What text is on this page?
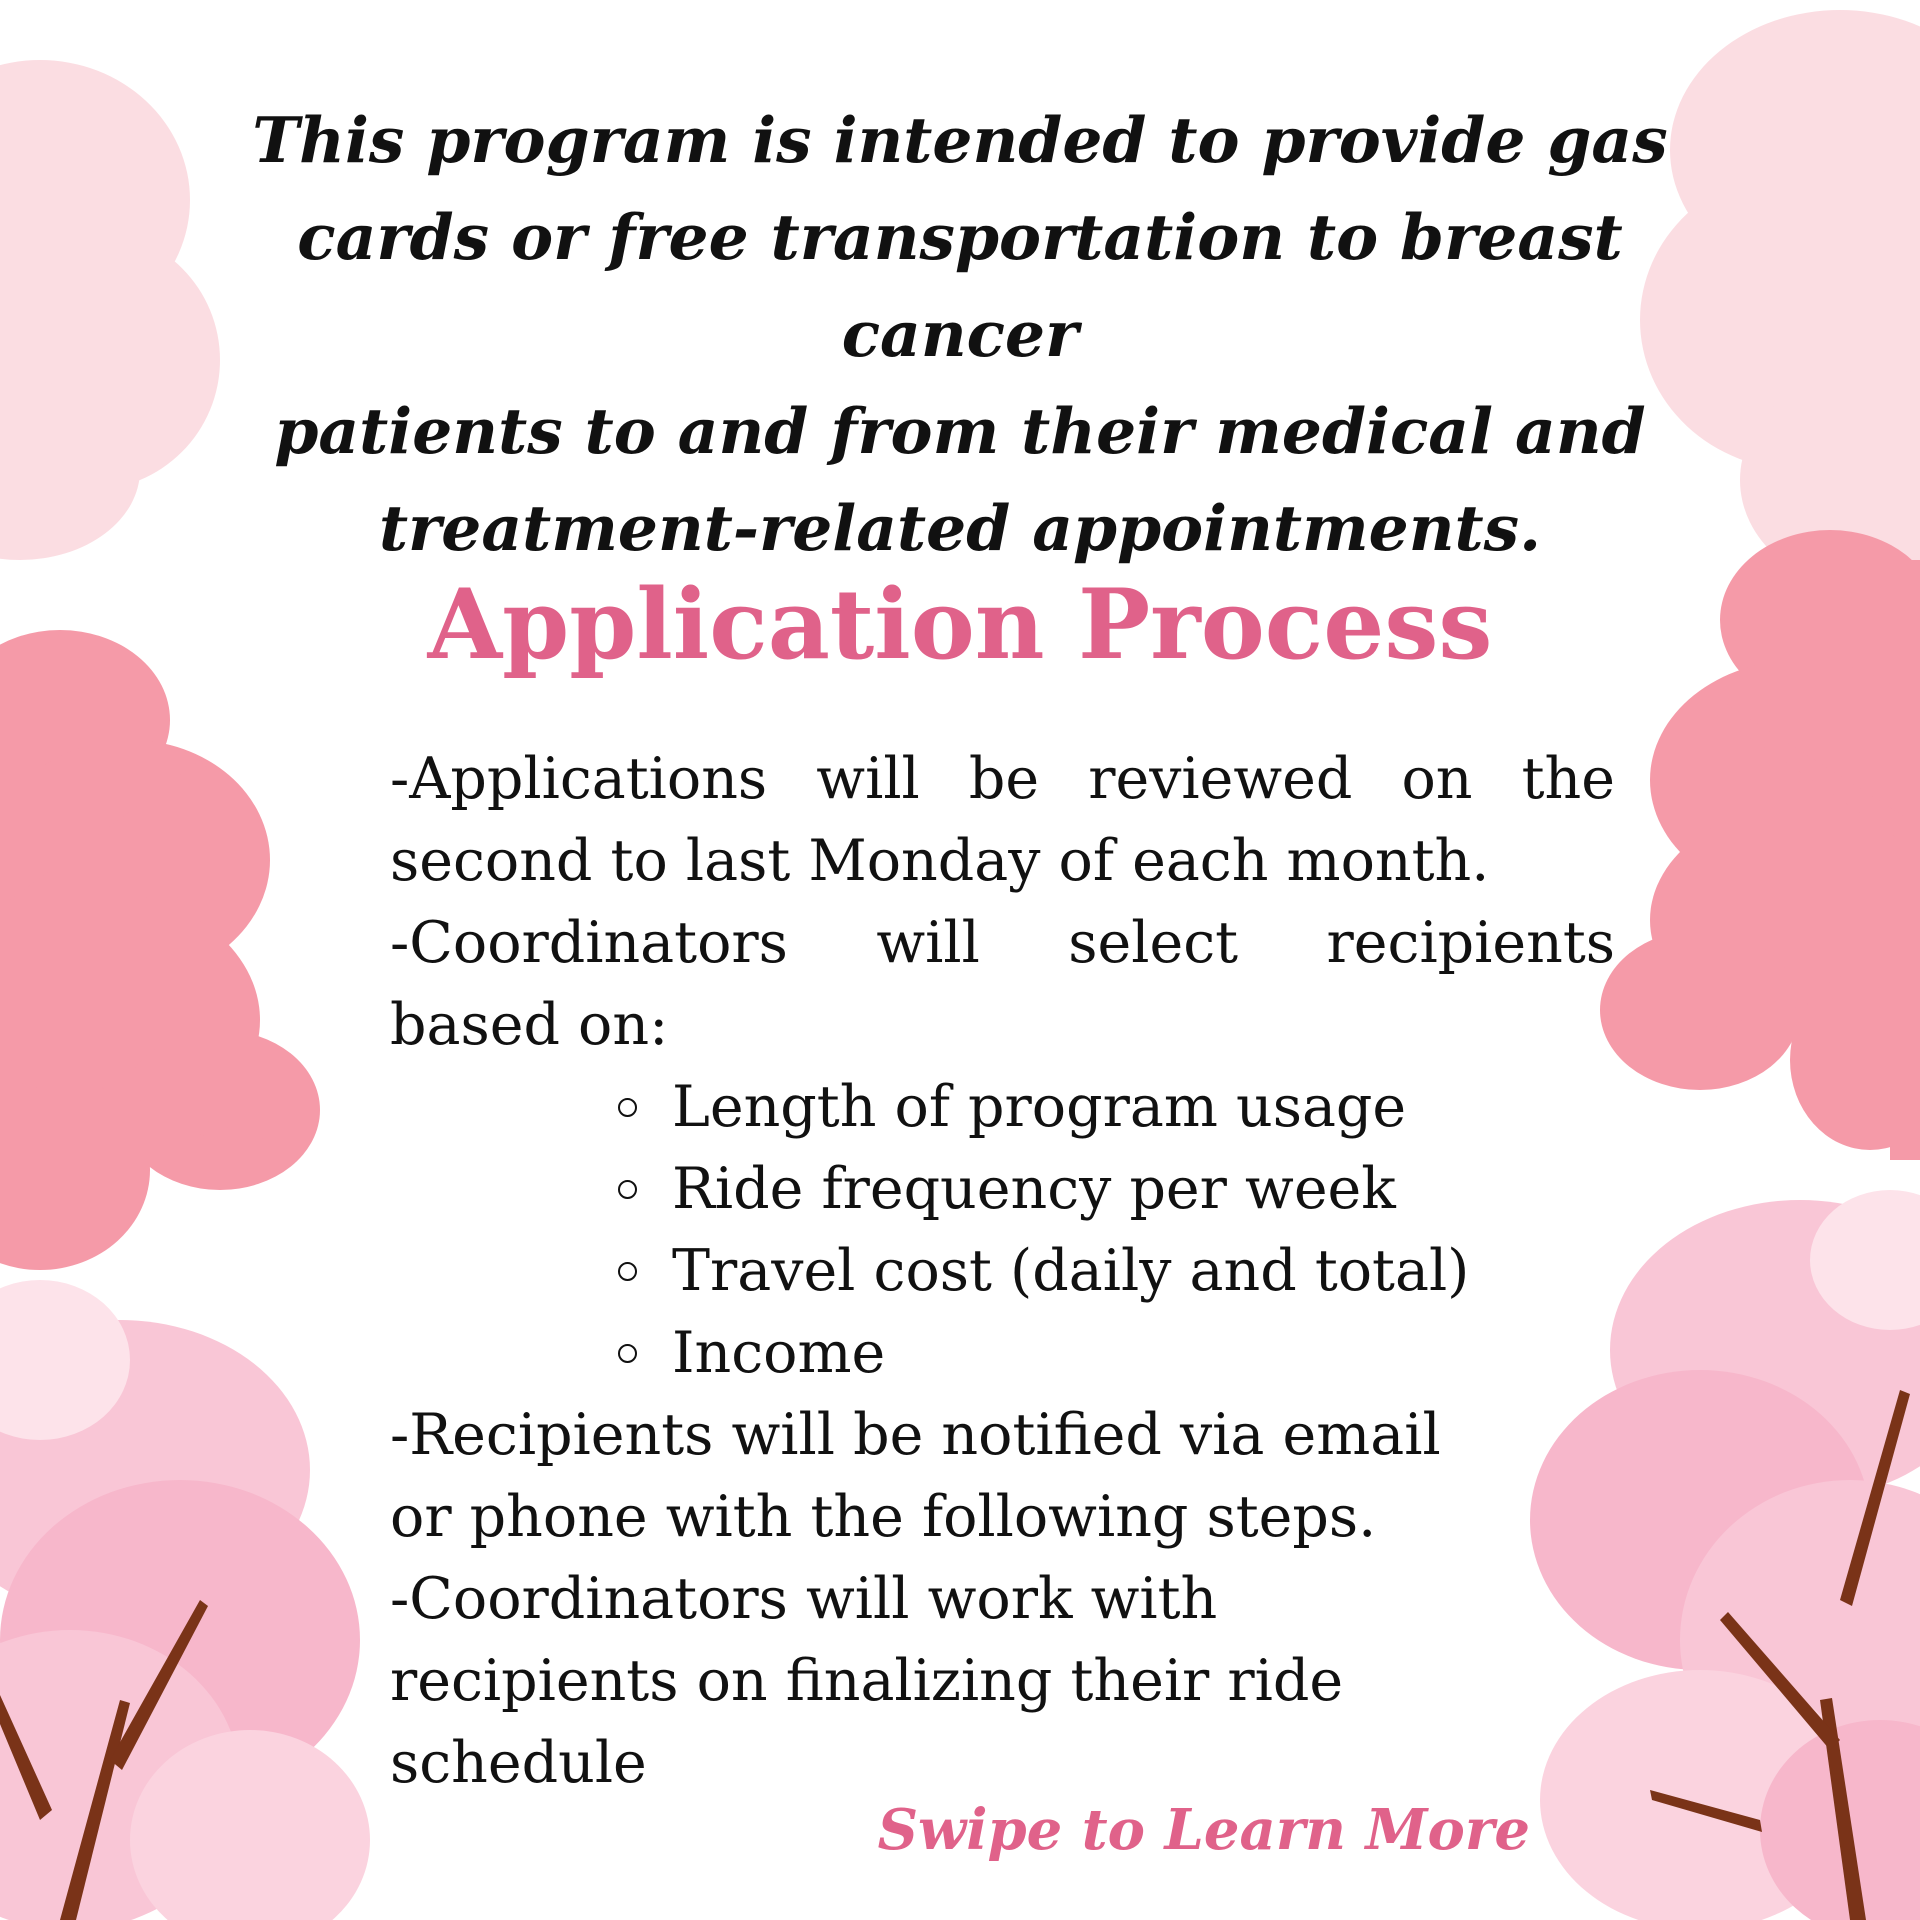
This program is intended to provide gas
cards or free transportation to breast cancer
patients to and from their medical and
treatment-related appointments.
Application Process

-Applications will be reviewed on the

second to last Monday of each month.

-Coordinators will select recipients

based on:

Length of program usage
Ride frequency per week
Travel cost (daily and total)
Income

-Recipients will be notified via email

or phone with the following steps.

-Coordinators will work with

recipients on finalizing their ride

schedule

Swipe to Learn More
